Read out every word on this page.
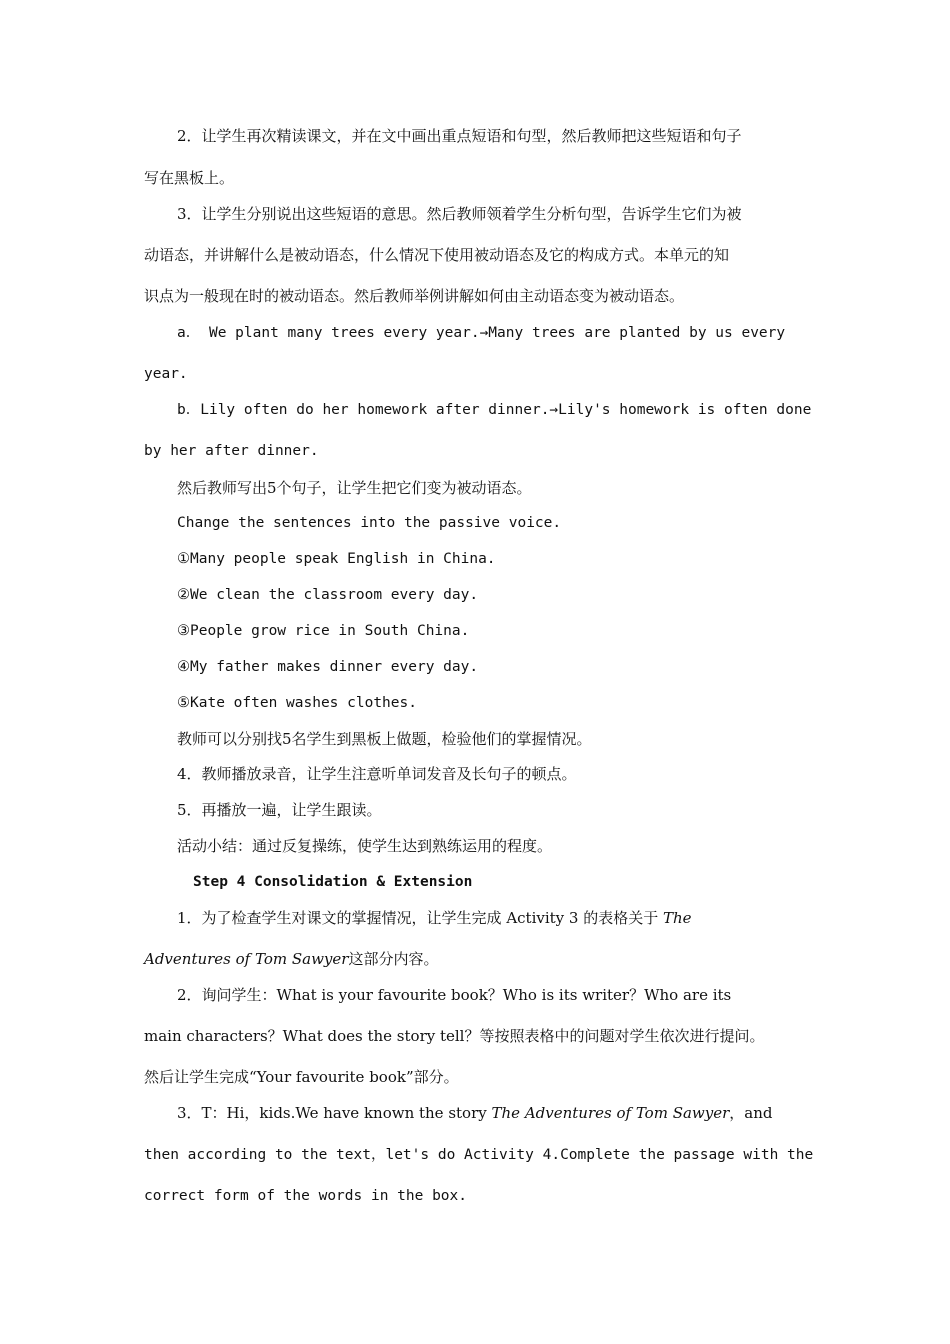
2．让学生再次精读课文，并在文中画出重点短语和句型，然后教师把这些短语和句子
写在黑板上。
3．让学生分别说出这些短语的意思。然后教师领着学生分析句型，告诉学生它们为被
动语态，并讲解什么是被动语态，什么情况下使用被动语态及它的构成方式。本单元的知
识点为一般现在时的被动语态。然后教师举例讲解如何由主动语态变为被动语态。
a． We plant many trees every year.→Many trees are planted by us every
year.
b．Lily often do her homework after dinner.→Lily's homework is often done
by her after dinner.
然后教师写出5个句子，让学生把它们变为被动语态。
Change the sentences into the passive voice.
①Many people speak English in China.
②We clean the classroom every day.
③People grow rice in South China.
④My father makes dinner every day.
⑤Kate often washes clothes.
教师可以分别找5名学生到黑板上做题，检验他们的掌握情况。
4．教师播放录音，让学生注意听单词发音及长句子的顿点。
5．再播放一遍，让学生跟读。
活动小结：通过反复操练，使学生达到熟练运用的程度。
Step 4 Consolidation & Extension
1．为了检查学生对课文的掌握情况，让学生完成 Activity 3 的表格关于 The
Adventures of Tom Sawyer这部分内容。
2．询问学生：What is your favourite book？Who is its writer？Who are its
main characters？What does the story tell？等按照表格中的问题对学生依次进行提问。
然后让学生完成“Your favourite book”部分。
3．T：Hi，kids.We have known the story The Adventures of Tom Sawyer，and
then according to the text，let's do Activity 4.Complete the passage with the
correct form of the words in the box.
